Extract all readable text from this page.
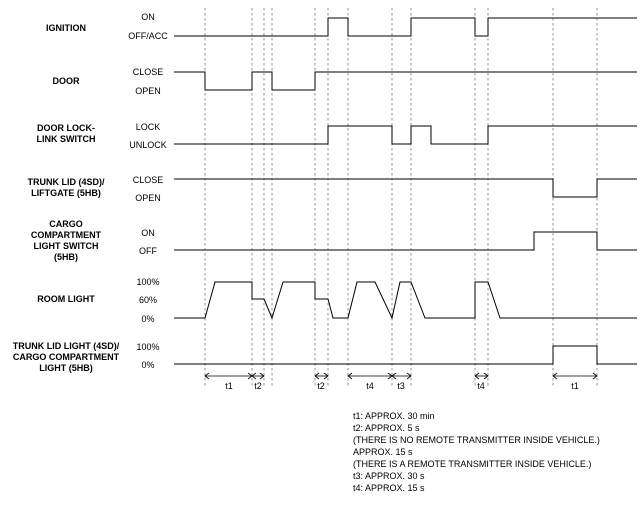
IGNITION
DOOR
DOOR LOCK-
LINK SWITCH
TRUNK LID (4SD)/
LIFTGATE (5HB)
CARGO
COMPARTMENT
LIGHT SWITCH
(5HB)
ROOM LIGHT
TRUNK LID LIGHT (4SD)/
CARGO COMPARTMENT
LIGHT (5HB)
ON
OFF/ACC
CLOSE
OPEN
LOCK
UNLOCK
CLOSE
OPEN
ON
OFF
100%
60%
0%
100%
0%
t1 t2	t2	t4	t3	t4	t1
t1: APPROX. 30 min
t2: APPROX. 5 s
(THERE IS NO REMOTE TRANSMITTER INSIDE VEHICLE.)
APPROX. 15 s
(THERE IS A REMOTE TRANSMITTER INSIDE VEHICLE.)
t3: APPROX. 30 s
t4: APPROX. 15 s
